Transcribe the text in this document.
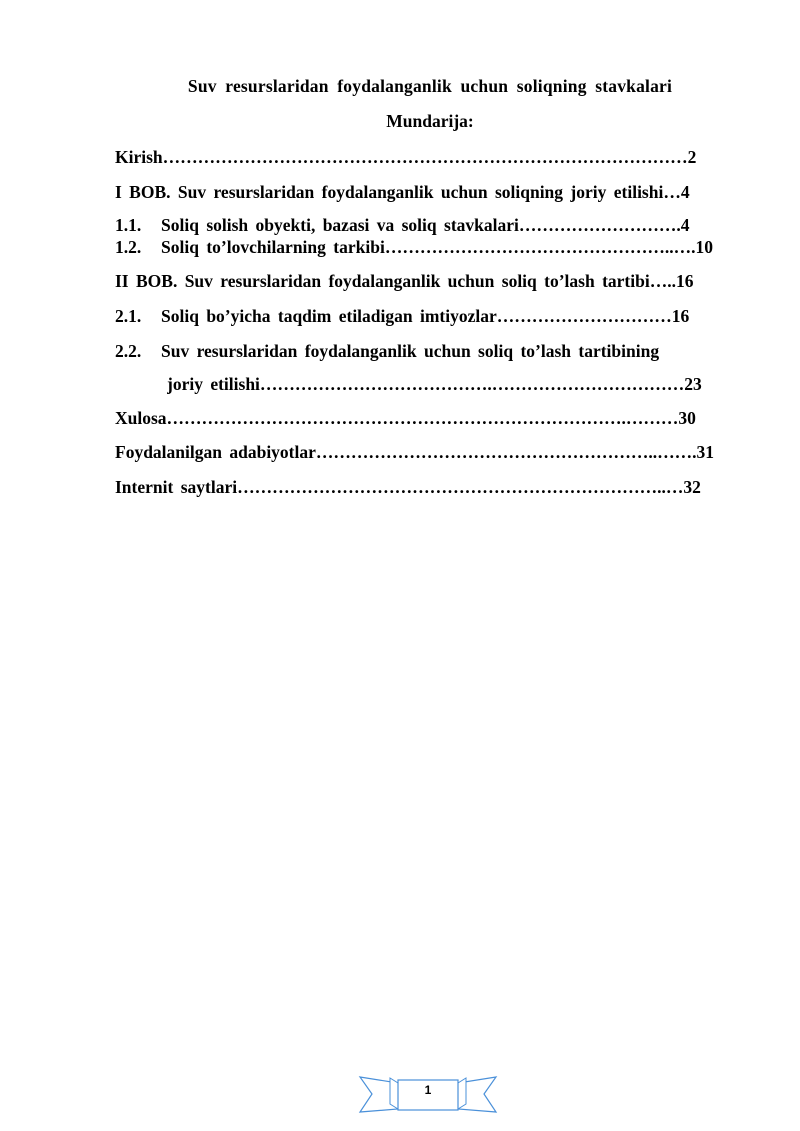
Suv resurslaridan foydalanganlik uchun soliqning stavkalari
Mundarija:
Kirish………………………………………………………………………………2
I BOB. Suv resurslaridan foydalanganlik uchun soliqning joriy etilishi…4
1.1. Soliq solish obyekti, bazasi va soliq stavkalari……………………….4
1.2. Soliq to’lovchilarning tarkibi…………………………………………..….10
II BOB. Suv resurslaridan foydalanganlik uchun soliq to’lash tartibi…..16
2.1. Soliq bo’yicha taqdim etiladigan imtiyozlar…………………………16
2.2. Suv resurslaridan foydalanganlik uchun soliq to’lash tartibining
joriy etilishi………………………………….……………………………23
Xulosa…………………………………………………………………….………30
Foydalanilgan adabiyotlar…………………………………………………..…….31
Internit saytlari………………………………………………………………..…32
1
